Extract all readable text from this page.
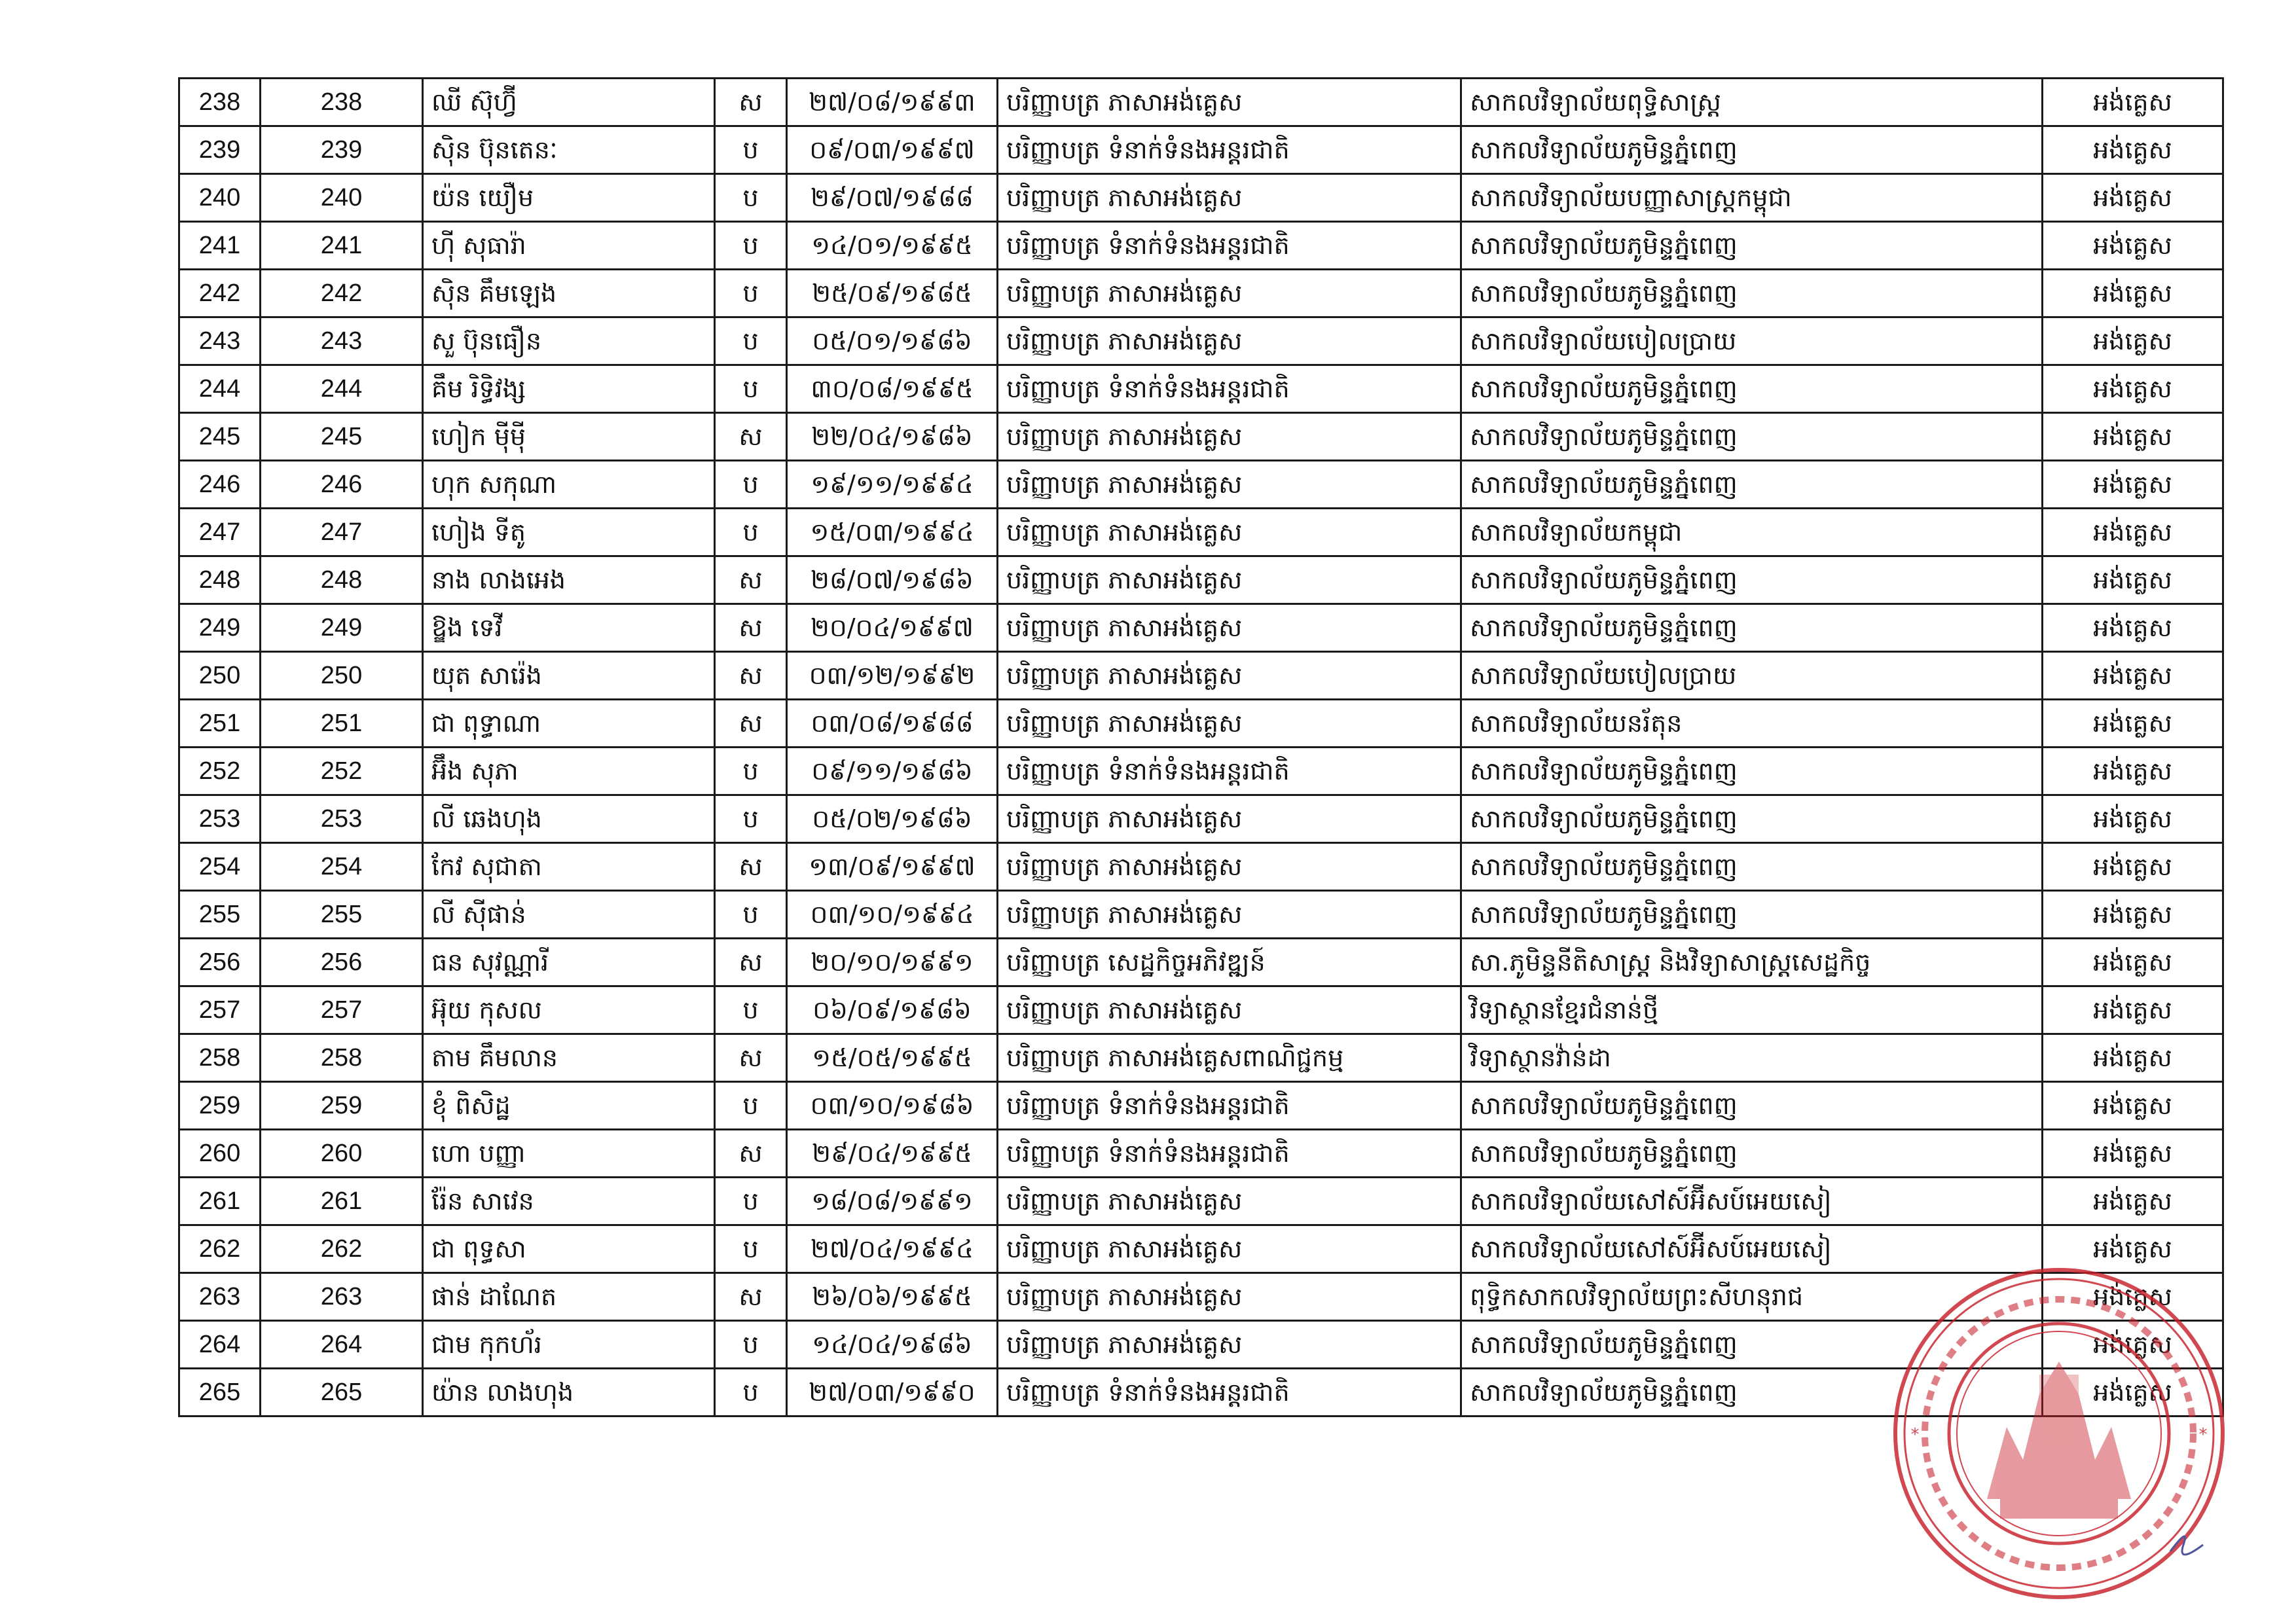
238	238	ឈី ស៊ុហ្វ៊ី	ស	២៧/០៨/១៩៩៣	បរិញ្ញាបត្រ ភាសាអង់គ្លេស	សាកលវិទ្យាល័យពុទ្ធិសាស្ត្រ	អង់គ្លេស
239	239	ស៊ិន ប៊ុនតេនៈ	ប	០៩/០៣/១៩៩៧	បរិញ្ញាបត្រ ទំនាក់ទំនងអន្តរជាតិ	សាកលវិទ្យាល័យភូមិន្ទភ្នំពេញ	អង់គ្លេស
240	240	យ៉ន យឿម	ប	២៩/០៧/១៩៨៨	បរិញ្ញាបត្រ ភាសាអង់គ្លេស	សាកលវិទ្យាល័យបញ្ញាសាស្ត្រកម្ពុជា	អង់គ្លេស
241	241	ហ៊ី សុធារ៉ា	ប	១៤/០១/១៩៩៥	បរិញ្ញាបត្រ ទំនាក់ទំនងអន្តរជាតិ	សាកលវិទ្យាល័យភូមិន្ទភ្នំពេញ	អង់គ្លេស
242	242	ស៊ិន គឹមឡេង	ប	២៥/០៩/១៩៨៥	បរិញ្ញាបត្រ ភាសាអង់គ្លេស	សាកលវិទ្យាល័យភូមិន្ទភ្នំពេញ	អង់គ្លេស
243	243	សួ ប៊ុនធឿន	ប	០៥/០១/១៩៨៦	បរិញ្ញាបត្រ ភាសាអង់គ្លេស	សាកលវិទ្យាល័យបៀលប្រាយ	អង់គ្លេស
244	244	គឹម រិទ្ធិវង្ស	ប	៣០/០៨/១៩៩៥	បរិញ្ញាបត្រ ទំនាក់ទំនងអន្តរជាតិ	សាកលវិទ្យាល័យភូមិន្ទភ្នំពេញ	អង់គ្លេស
245	245	ហៀក ម៉ីម៉ី	ស	២២/០៤/១៩៨៦	បរិញ្ញាបត្រ ភាសាអង់គ្លេស	សាកលវិទ្យាល័យភូមិន្ទភ្នំពេញ	អង់គ្លេស
246	246	ហុក សកុណា	ប	១៩/១១/១៩៩៤	បរិញ្ញាបត្រ ភាសាអង់គ្លេស	សាកលវិទ្យាល័យភូមិន្ទភ្នំពេញ	អង់គ្លេស
247	247	ហៀង ទីតូ	ប	១៥/០៣/១៩៩៤	បរិញ្ញាបត្រ ភាសាអង់គ្លេស	សាកលវិទ្យាល័យកម្ពុជា	អង់គ្លេស
248	248	នាង លាងអេង	ស	២៨/០៧/១៩៨៦	បរិញ្ញាបត្រ ភាសាអង់គ្លេស	សាកលវិទ្យាល័យភូមិន្ទភ្នំពេញ	អង់គ្លេស
249	249	ឱ្ឌង ទេវី	ស	២០/០៤/១៩៩៧	បរិញ្ញាបត្រ ភាសាអង់គ្លេស	សាកលវិទ្យាល័យភូមិន្ទភ្នំពេញ	អង់គ្លេស
250	250	យុត សារ៉េង	ស	០៣/១២/១៩៩២	បរិញ្ញាបត្រ ភាសាអង់គ្លេស	សាកលវិទ្យាល័យបៀលប្រាយ	អង់គ្លេស
251	251	ជា ពុទ្ធាណា	ស	០៣/០៨/១៩៨៨	បរិញ្ញាបត្រ ភាសាអង់គ្លេស	សាកលវិទ្យាល័យនរ័តុន	អង់គ្លេស
252	252	អ៊ឹង សុភា	ប	០៩/១១/១៩៨៦	បរិញ្ញាបត្រ ទំនាក់ទំនងអន្តរជាតិ	សាកលវិទ្យាល័យភូមិន្ទភ្នំពេញ	អង់គ្លេស
253	253	លី ឆេងហុង	ប	០៥/០២/១៩៨៦	បរិញ្ញាបត្រ ភាសាអង់គ្លេស	សាកលវិទ្យាល័យភូមិន្ទភ្នំពេញ	អង់គ្លេស
254	254	កែវ សុជាតា	ស	១៣/០៩/១៩៩៧	បរិញ្ញាបត្រ ភាសាអង់គ្លេស	សាកលវិទ្យាល័យភូមិន្ទភ្នំពេញ	អង់គ្លេស
255	255	លី ស៊ីផាន់	ប	០៣/១០/១៩៩៤	បរិញ្ញាបត្រ ភាសាអង់គ្លេស	សាកលវិទ្យាល័យភូមិន្ទភ្នំពេញ	អង់គ្លេស
256	256	ធន សុវណ្ណារី	ស	២០/១០/១៩៩១	បរិញ្ញាបត្រ សេដ្ឋកិច្ចអភិវឌ្ឍន៍	សា.ភូមិន្ទនីតិសាស្ត្រ និងវិទ្យាសាស្ត្រសេដ្ឋកិច្ច	អង់គ្លេស
257	257	អ៊ុយ កុសល	ប	០៦/០៩/១៩៨៦	បរិញ្ញាបត្រ ភាសាអង់គ្លេស	វិទ្យាស្ថានខ្មែរជំនាន់ថ្មី	អង់គ្លេស
258	258	តាម គឹមលាន	ស	១៥/០៥/១៩៩៥	បរិញ្ញាបត្រ ភាសាអង់គ្លេសពាណិជ្ជកម្ម	វិទ្យាស្ថានវ៉ាន់ដា	អង់គ្លេស
259	259	ខុំ ពិសិដ្ឋ	ប	០៣/១០/១៩៨៦	បរិញ្ញាបត្រ ទំនាក់ទំនងអន្តរជាតិ	សាកលវិទ្យាល័យភូមិន្ទភ្នំពេញ	អង់គ្លេស
260	260	ហោ បញ្ញា	ស	២៩/០៤/១៩៩៥	បរិញ្ញាបត្រ ទំនាក់ទំនងអន្តរជាតិ	សាកលវិទ្យាល័យភូមិន្ទភ្នំពេញ	អង់គ្លេស
261	261	រ៉ែន សាវេន	ប	១៨/០៨/១៩៩១	បរិញ្ញាបត្រ ភាសាអង់គ្លេស	សាកលវិទ្យាល័យសៅស៍អ៊ីសប៍អេយសៀ	អង់គ្លេស
262	262	ជា ពុទ្ធសា	ប	២៧/០៤/១៩៩៤	បរិញ្ញាបត្រ ភាសាអង់គ្លេស	សាកលវិទ្យាល័យសៅស៍អ៊ីសប៍អេយសៀ	អង់គ្លេស
263	263	ផាន់ ដាណែត	ស	២៦/០៦/១៩៩៥	បរិញ្ញាបត្រ ភាសាអង់គ្លេស	ពុទ្ធិកសាកលវិទ្យាល័យព្រះសីហនុរាជ	អង់គ្លេស
264	264	ជាម កុកហ័រ	ប	១៤/០៤/១៩៨៦	បរិញ្ញាបត្រ ភាសាអង់គ្លេស	សាកលវិទ្យាល័យភូមិន្ទភ្នំពេញ	អង់គ្លេស
265	265	យ៉ាន លាងហុង	ប	២៧/០៣/១៩៩០	បរិញ្ញាបត្រ ទំនាក់ទំនងអន្តរជាតិ	សាកលវិទ្យាល័យភូមិន្ទភ្នំពេញ	អង់គ្លេស
*	*
